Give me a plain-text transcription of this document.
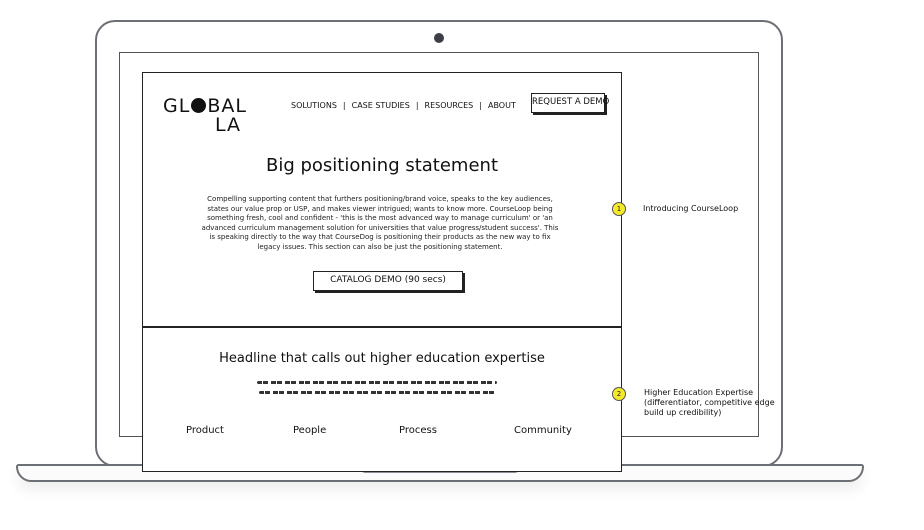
GL BAL
LA
SOLUTIONS | CASE STUDIES | RESOURCES | ABOUT REQUEST A DEMO
Big positioning statement
Compelling supporting content that furthers positioning/brand voice, speaks to the key audiences, states our value prop or USP, and makes viewer intrigued; wants to know more. CourseLoop being something fresh, cool and confident - 'this is the most advanced way to manage curriculum' or 'an advanced curriculum management solution for universities that value progress/student success'. This is speaking directly to the way that CourseDog is positioning their products as the new way to fix legacy issues. This section can also be just the positioning statement.
CATALOG DEMO (90 secs)
Headline that calls out higher education expertise
Product	People	Process	Community
1	Introducing CourseLoop
2	Higher Education Expertise
(differentiator, competitive edge
build up credibility)
